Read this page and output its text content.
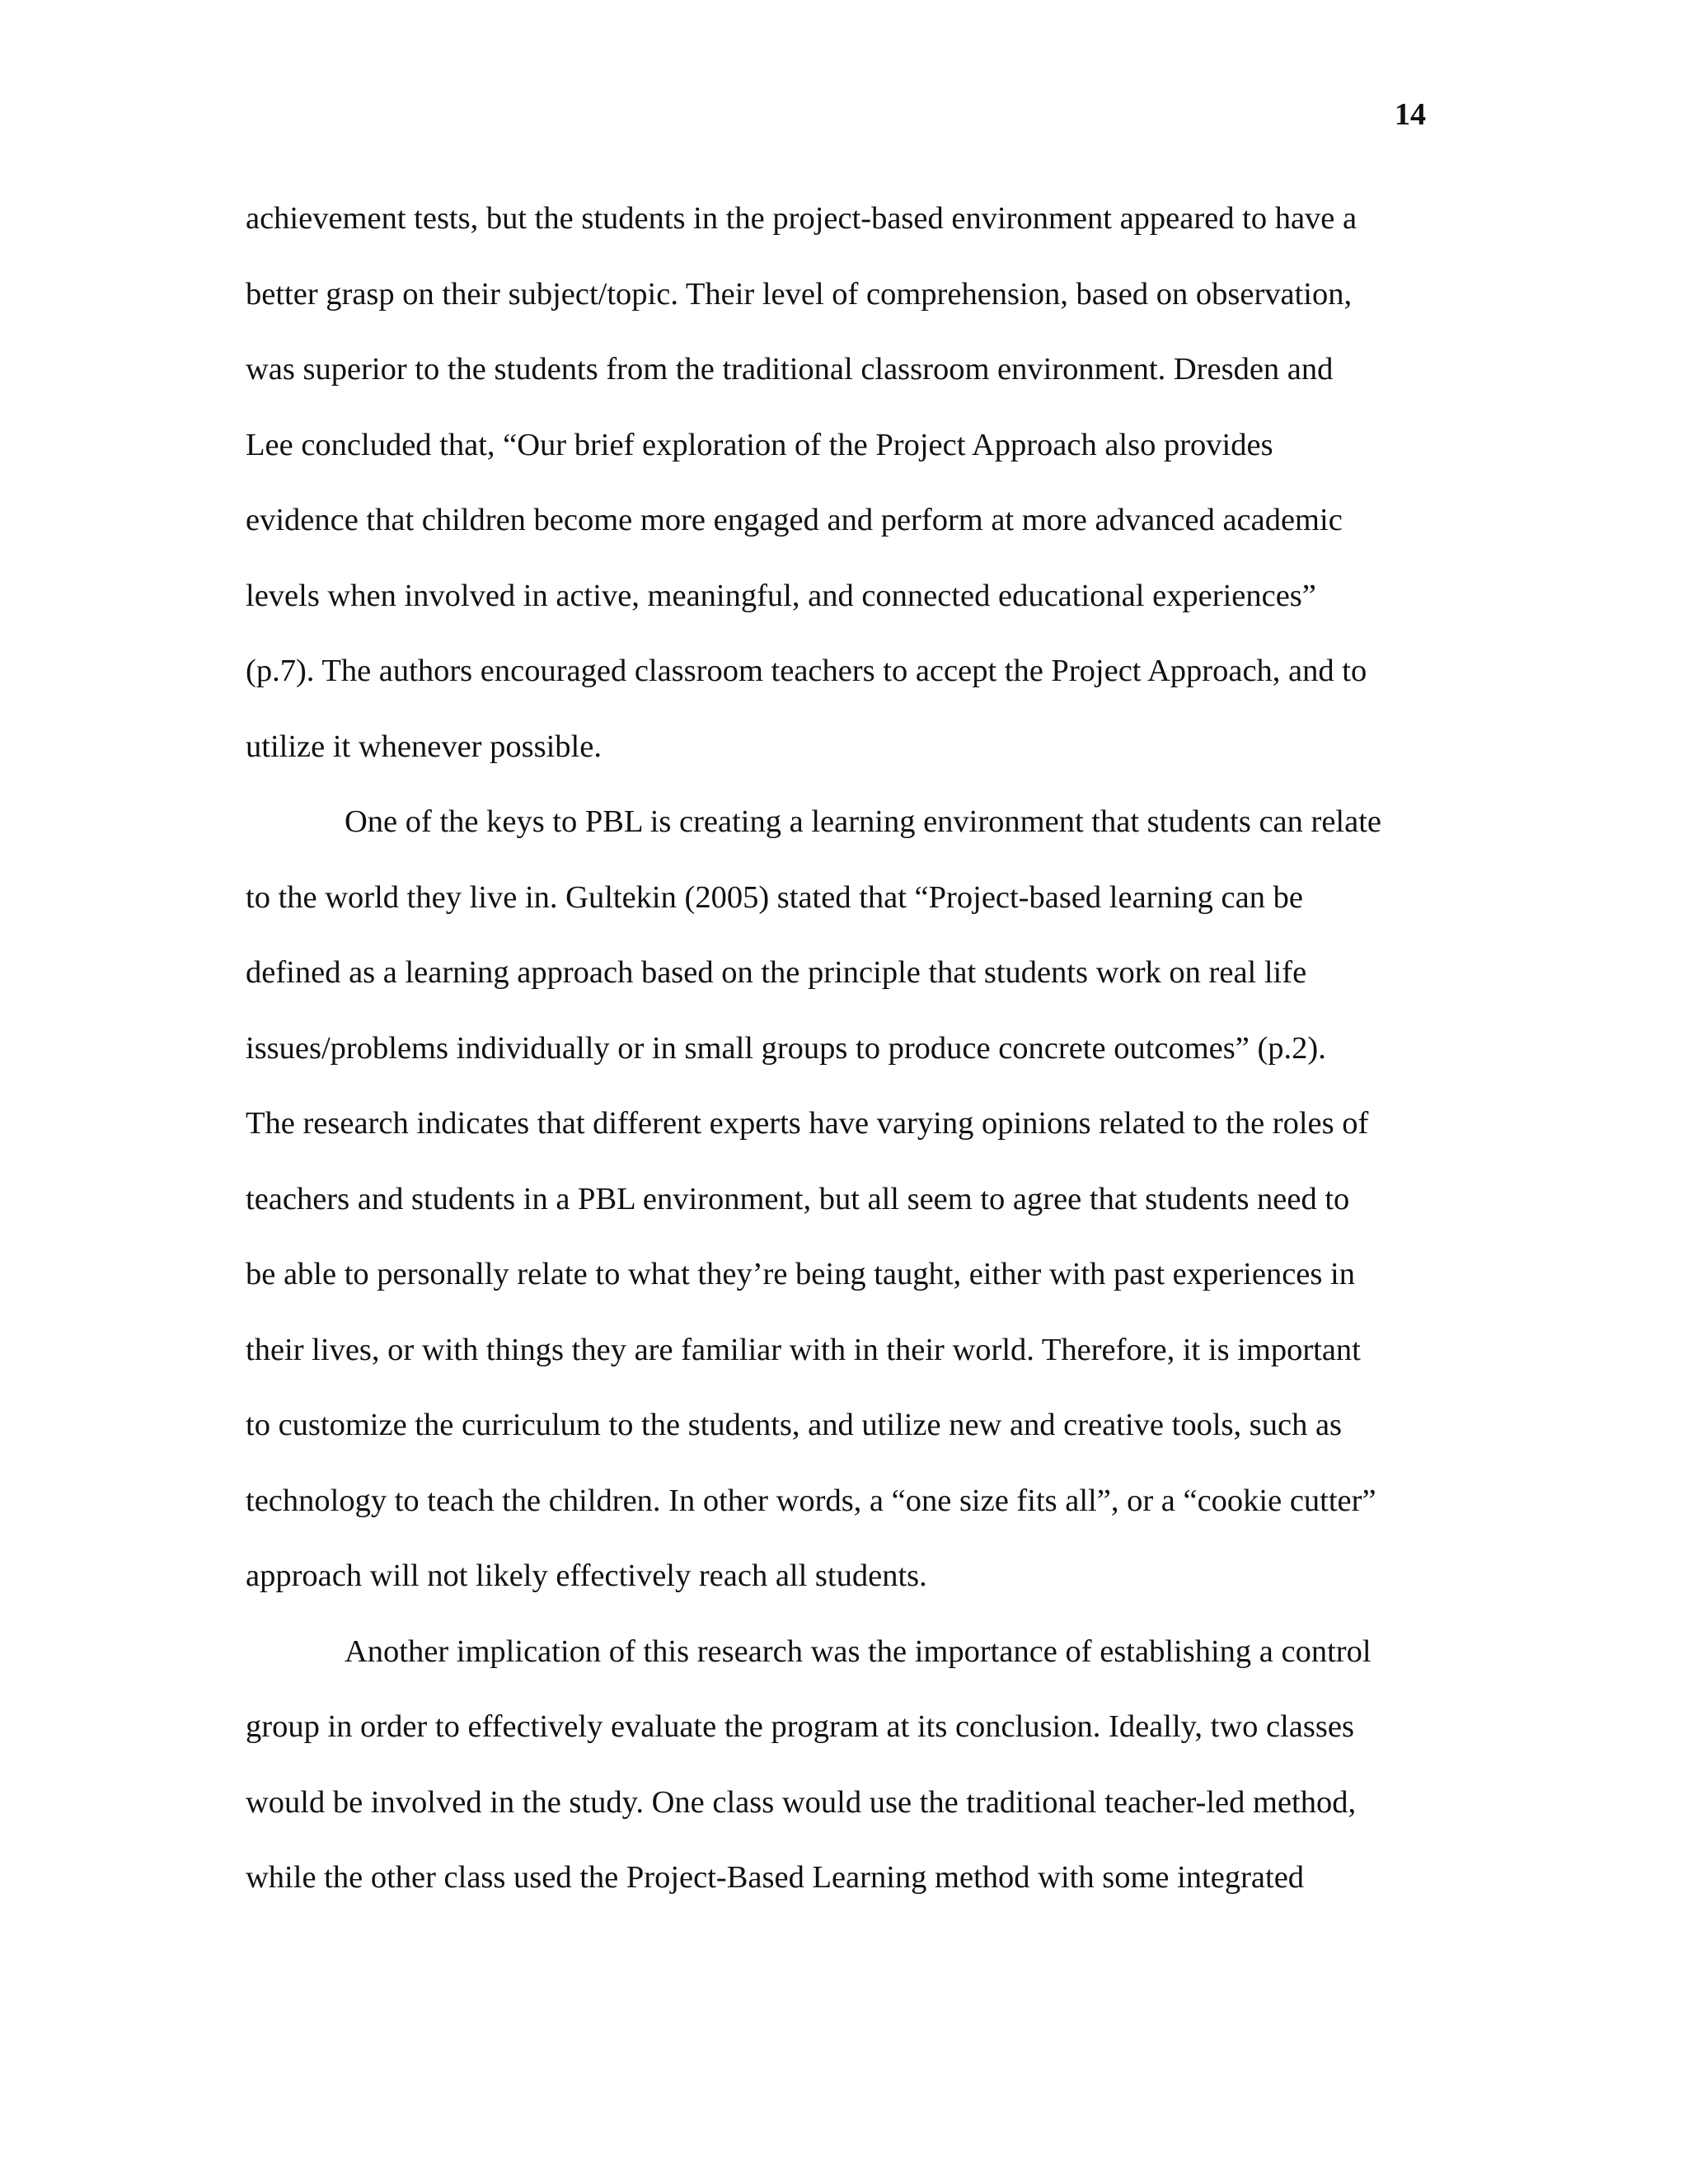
14
achievement tests, but the students in the project-based environment appeared to have a
better grasp on their subject/topic. Their level of comprehension, based on observation,
was superior to the students from the traditional classroom environment. Dresden and
Lee concluded that, “Our brief exploration of the Project Approach also provides
evidence that children become more engaged and perform at more advanced academic
levels when involved in active, meaningful, and connected educational experiences”
(p.7). The authors encouraged classroom teachers to accept the Project Approach, and to
utilize it whenever possible.
One of the keys to PBL is creating a learning environment that students can relate
to the world they live in. Gultekin (2005) stated that “Project-based learning can be
defined as a learning approach based on the principle that students work on real life
issues/problems individually or in small groups to produce concrete outcomes” (p.2).
The research indicates that different experts have varying opinions related to the roles of
teachers and students in a PBL environment, but all seem to agree that students need to
be able to personally relate to what they’re being taught, either with past experiences in
their lives, or with things they are familiar with in their world. Therefore, it is important
to customize the curriculum to the students, and utilize new and creative tools, such as
technology to teach the children. In other words, a “one size fits all”, or a “cookie cutter”
approach will not likely effectively reach all students.
Another implication of this research was the importance of establishing a control
group in order to effectively evaluate the program at its conclusion. Ideally, two classes
would be involved in the study. One class would use the traditional teacher-led method,
while the other class used the Project-Based Learning method with some integrated
